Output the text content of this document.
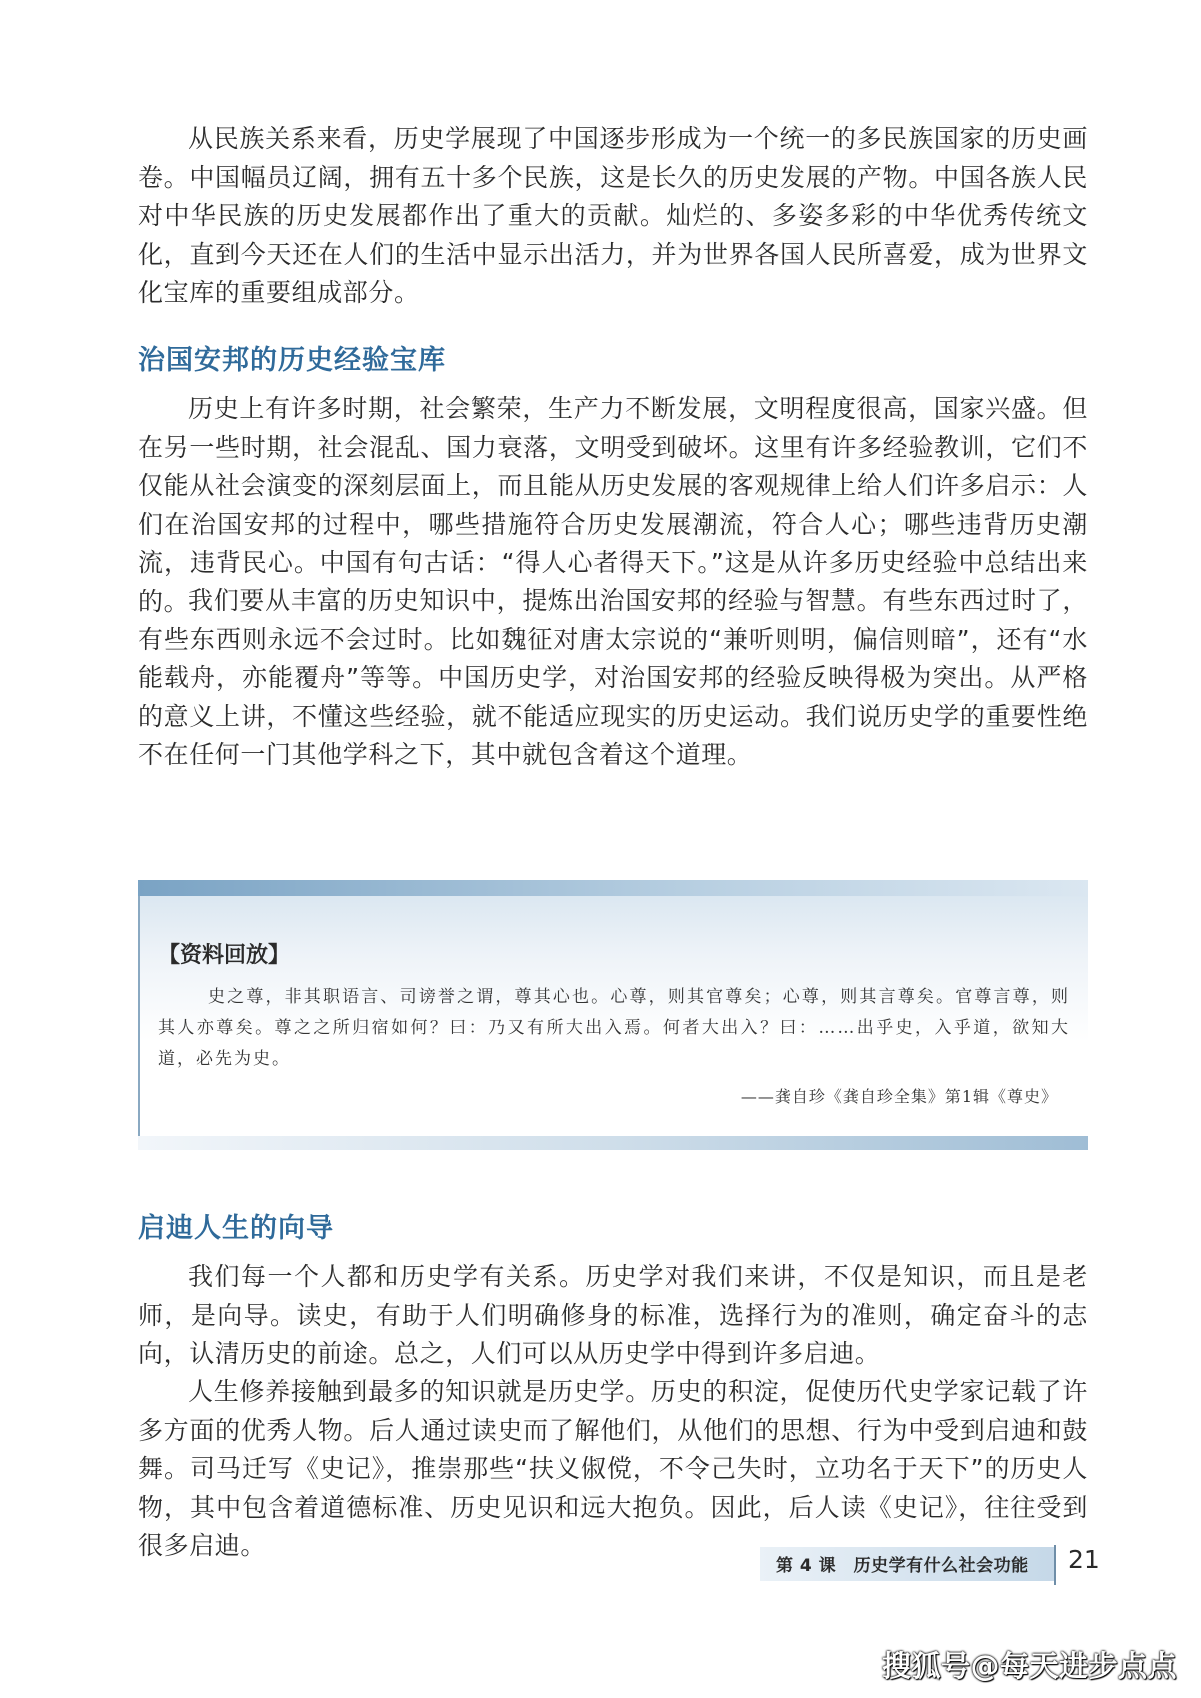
从民族关系来看，历史学展现了中国逐步形成为一个统一的多民族国家的历史画卷。中国幅员辽阔，拥有五十多个民族，这是长久的历史发展的产物。中国各族人民对中华民族的历史发展都作出了重大的贡献。灿烂的、多姿多彩的中华优秀传统文化，直到今天还在人们的生活中显示出活力，并为世界各国人民所喜爱，成为世界文化宝库的重要组成部分。

治国安邦的历史经验宝库

历史上有许多时期，社会繁荣，生产力不断发展，文明程度很高，国家兴盛。但在另一些时期，社会混乱、国力衰落，文明受到破坏。这里有许多经验教训，它们不仅能从社会演变的深刻层面上，而且能从历史发展的客观规律上给人们许多启示：人们在治国安邦的过程中，哪些措施符合历史发展潮流，符合人心；哪些违背历史潮流，违背民心。中国有句古话：“得人心者得天下。”这是从许多历史经验中总结出来的。

我们要从丰富的历史知识中，提炼出治国安邦的经验与智慧。有些东西过时了，有些东西则永远不会过时。比如魏征对唐太宗说的“兼听则明，偏信则暗”，还有“水能载舟，亦能覆舟”等等。中国历史学，对治国安邦的经验反映得极为突出。从严格的意义上讲，不懂这些经验，就不能适应现实的历史运动。我们说历史学的重要性绝不在任何一门其他学科之下，其中就包含着这个道理。

【资料回放】

史之尊，非其职语言、司谤誉之谓，尊其心也。心尊，则其官尊矣；心尊，则其言尊矣。官尊言尊，则其人亦尊矣。尊之之所归宿如何？曰：乃又有所大出入焉。何者大出入？曰：……出乎史，入乎道，欲知大道，必先为史。

——龚自珍《龚自珍全集》第1辑《尊史》

启迪人生的向导

我们每一个人都和历史学有关系。历史学对我们来讲，不仅是知识，而且是老师，是向导。读史，有助于人们明确修身的标准，选择行为的准则，确定奋斗的志向，认清历史的前途。总之，人们可以从历史学中得到许多启迪。

人生修养接触到最多的知识就是历史学。历史的积淀，促使历代史学家记载了许多方面的优秀人物。后人通过读史而了解他们，从他们的思想、行为中受到启迪和鼓舞。司马迁写《史记》，推崇那些“扶义俶傥，不令己失时，立功名于天下”的历史人物，其中包含着道德标准、历史见识和远大抱负。因此，后人读《史记》，往往受到很多启迪。

第 4 课　历史学有什么社会功能 21
搜狐号@每天进步点点
